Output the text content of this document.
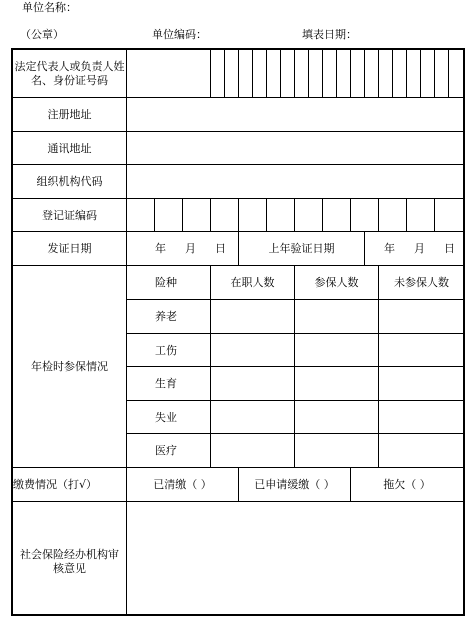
单位名称：
（公章）	单位编码：	填表日期：
法定代表人或负责人姓名、身份证号码
注册地址
通讯地址
组织机构代码
登记证编码
发证日期	年 月 日	上年验证日期	年 月 日
年检时参保情况
险种	在职人数	参保人数	未参保人数
养老
工伤
生育
失业
医疗
缴费情况（打√）	已清缴（ ）	已申请缓缴（ ）	拖欠（ ）
社会保险经办机构审核意见
